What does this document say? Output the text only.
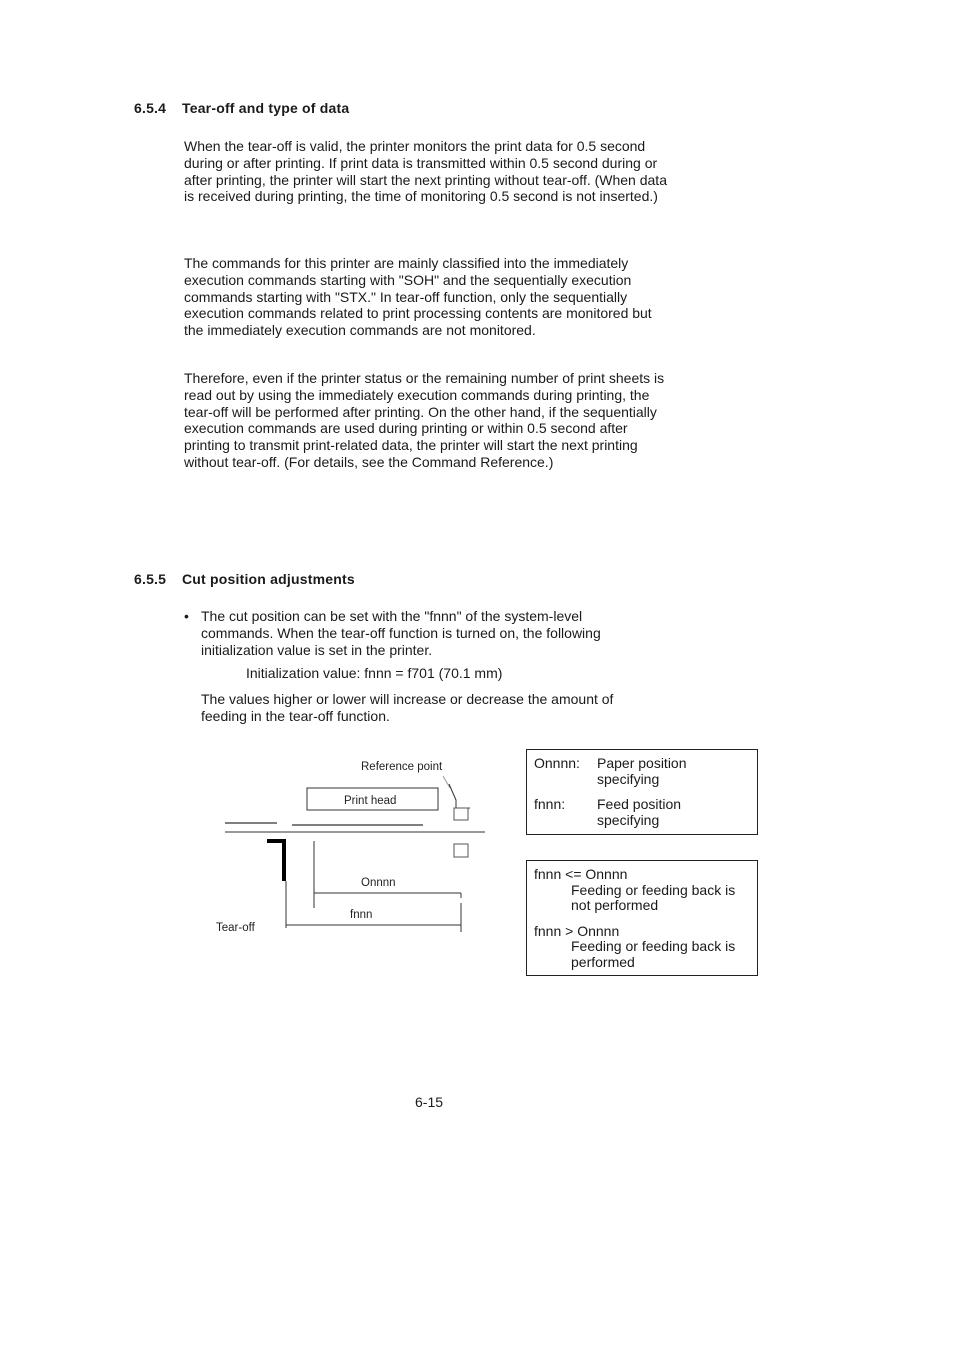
6.5.4 Tear-off and type of data

When the tear-off is valid, the printer monitors the print data for 0.5 second during or after printing. If print data is transmitted within 0.5 second during or after printing, the printer will start the next printing without tear-off. (When data is received during printing, the time of monitoring 0.5 second is not inserted.)

The commands for this printer are mainly classified into the immediately execution commands starting with "SOH" and the sequentially execution commands starting with "STX." In tear-off function, only the sequentially execution commands related to print processing contents are monitored but the immediately execution commands are not monitored.

Therefore, even if the printer status or the remaining number of print sheets is read out by using the immediately execution commands during printing, the tear-off will be performed after printing. On the other hand, if the sequentially execution commands are used during printing or within 0.5 second after printing to transmit print-related data, the printer will start the next printing without tear-off. (For details, see the Command Reference.)

6.5.5 Cut position adjustments
• The cut position can be set with the "fnnn" of the system-level commands. When the tear-off function is turned on, the following initialization value is set in the printer.
Initialization value: fnnn = f701 (70.1 mm)
The values higher or lower will increase or decrease the amount of feeding in the tear-off function.
Reference point
Print head
Onnnn
fnnn
Tear-off
Onnnn:	Paper position
specifying
fnnn:	Feed position
specifying
fnnn <= Onnnn
Feeding or feeding back is
not performed
fnnn > Onnnn
Feeding or feeding back is
performed
6-15
